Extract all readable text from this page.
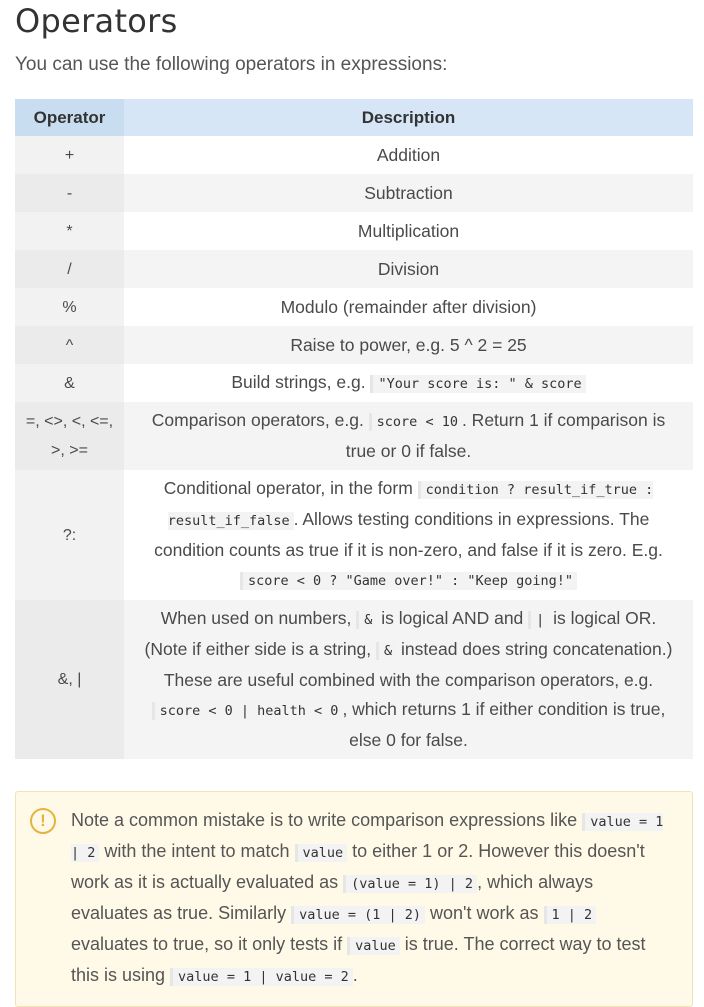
Operators

You can use the following operators in expressions:

Operator	Description
+	Addition
-	Subtraction
*	Multiplication
/	Division
%	Modulo (remainder after division)
^	Raise to power, e.g. 5 ^ 2 = 25
&	Build strings, e.g. "Your score is: " & score
=, <>, <, <=, >, >=	Comparison operators, e.g. score < 10 . Return 1 if comparison is true or 0 if false.
?:	Conditional operator, in the form condition ? result_if_true : result_if_false . Allows testing conditions in expressions. The condition counts as true if it is non-zero, and false if it is zero. E.g. score < 0 ? "Game over!" : "Keep going!"
&, |	When used on numbers, & is logical AND and | is logical OR. (Note if either side is a string, & instead does string concatenation.) These are useful combined with the comparison operators, e.g. score < 0 | health < 0 , which returns 1 if either condition is true, else 0 for false.
!	Note a common mistake is to write comparison expressions like value = 1 | 2 with the intent to match value to either 1 or 2. However this doesn't work as it is actually evaluated as (value = 1) | 2 , which always evaluates as true. Similarly value = (1 | 2) won't work as 1 | 2 evaluates to true, so it only tests if value is true. The correct way to test this is using value = 1 | value = 2 .
